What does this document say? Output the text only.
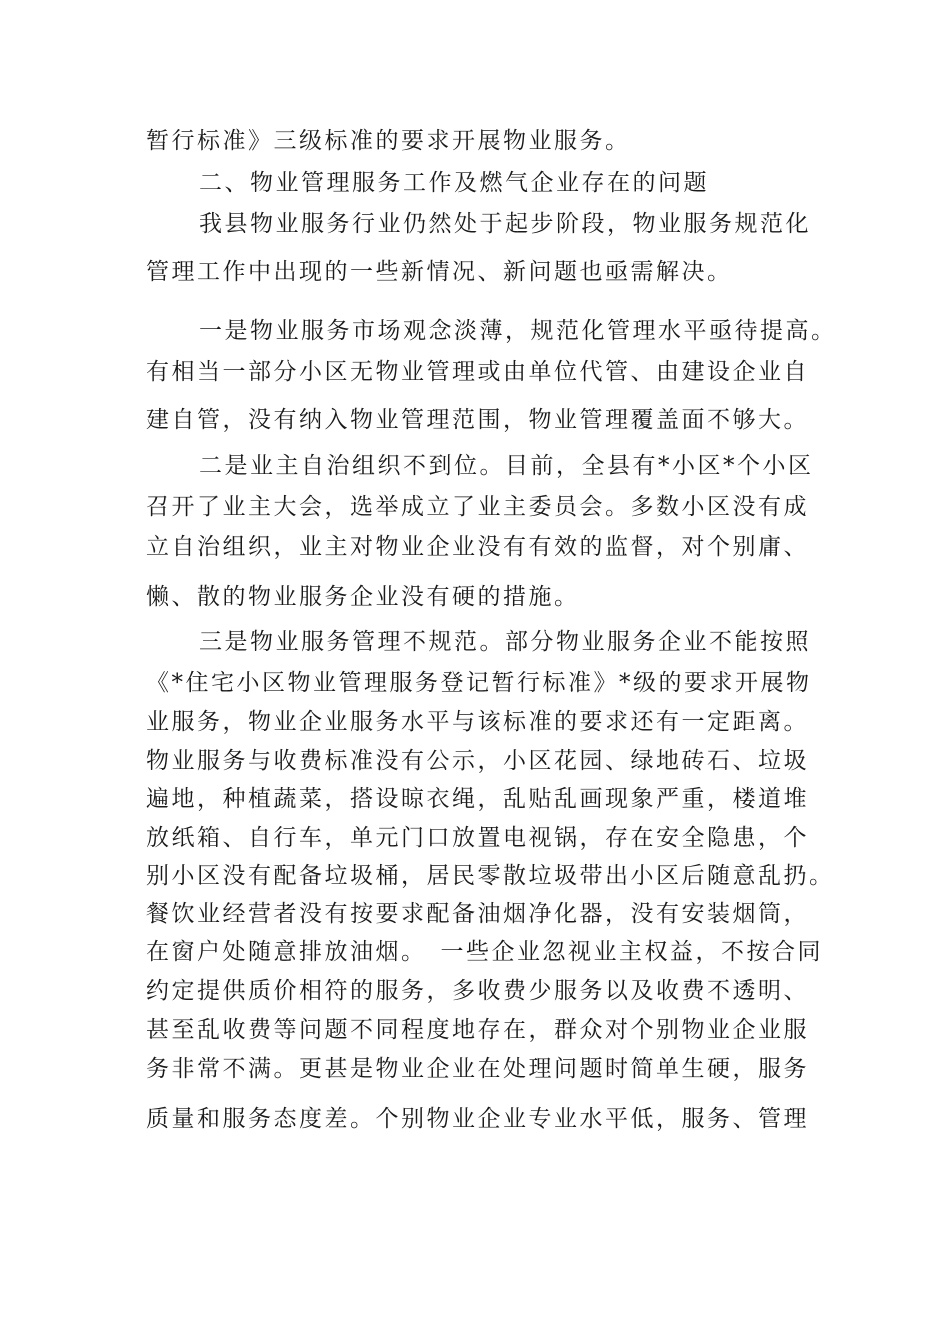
暂行标准》三级标准的要求开展物业服务。
二、物业管理服务工作及燃气企业存在的问题
我县物业服务行业仍然处于起步阶段，物业服务规范化
管理工作中出现的一些新情况、新问题也亟需解决。
一是物业服务市场观念淡薄，规范化管理水平亟待提高。
有相当一部分小区无物业管理或由单位代管、由建设企业自
建自管，没有纳入物业管理范围，物业管理覆盖面不够大。
二是业主自治组织不到位。目前，全县有*小区*个小区
召开了业主大会，选举成立了业主委员会。多数小区没有成
立自治组织，业主对物业企业没有有效的监督，对个别庸、
懒、散的物业服务企业没有硬的措施。
三是物业服务管理不规范。部分物业服务企业不能按照
《*住宅小区物业管理服务登记暂行标准》*级的要求开展物
业服务，物业企业服务水平与该标准的要求还有一定距离。
物业服务与收费标准没有公示，小区花园、绿地砖石、垃圾
遍地，种植蔬菜，搭设晾衣绳，乱贴乱画现象严重，楼道堆
放纸箱、自行车，单元门口放置电视锅，存在安全隐患，个
别小区没有配备垃圾桶，居民零散垃圾带出小区后随意乱扔。
餐饮业经营者没有按要求配备油烟净化器，没有安装烟筒，
在窗户处随意排放油烟。　一些企业忽视业主权益，不按合同
约定提供质价相符的服务，多收费少服务以及收费不透明、
甚至乱收费等问题不同程度地存在，群众对个别物业企业服
务非常不满。更甚是物业企业在处理问题时简单生硬，服务
质量和服务态度差。个别物业企业专业水平低，服务、管理
